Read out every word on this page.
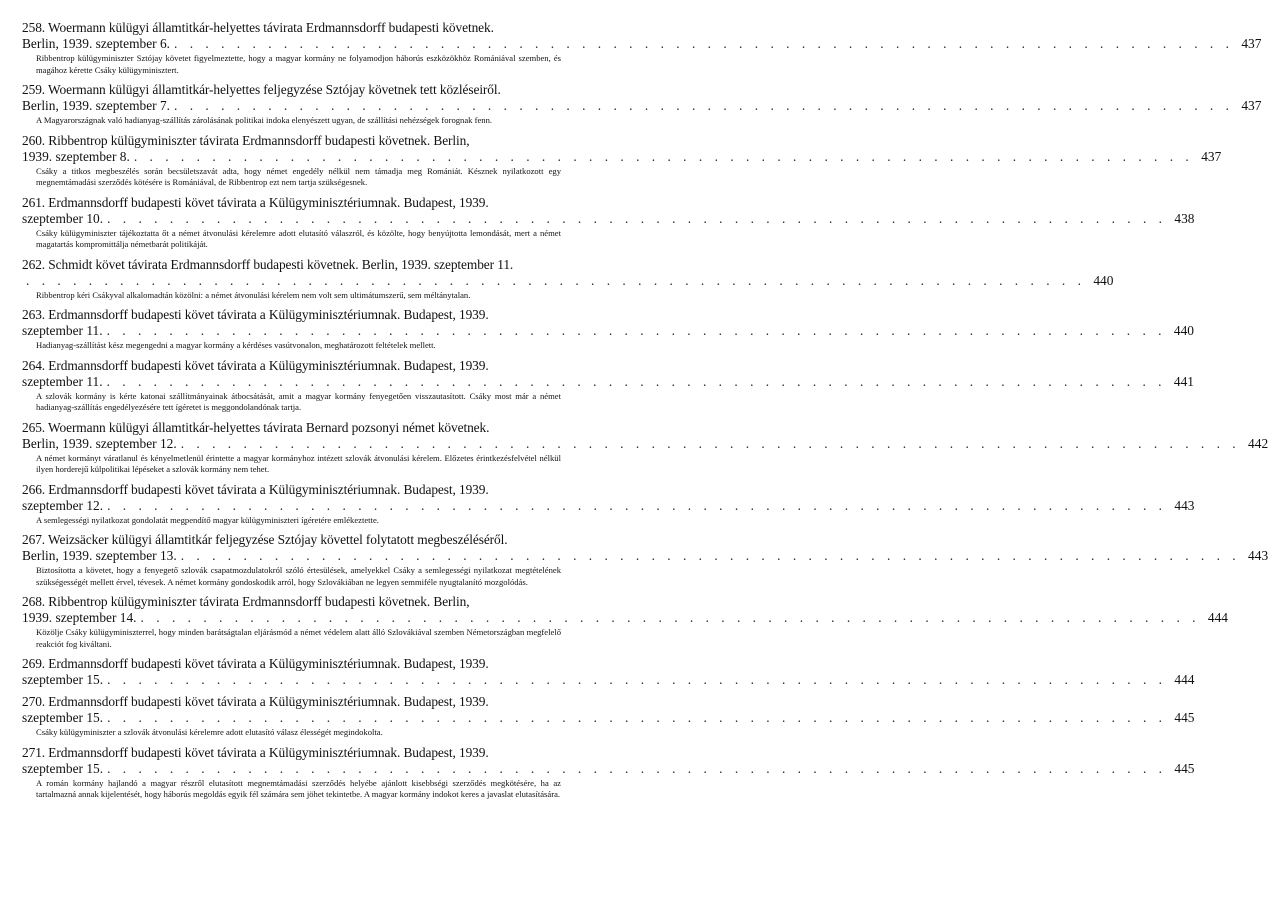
258. Woermann külügyi államtitkár-helyettes távirata Erdmannsdorff budapesti követnek.
Berlin, 1939. szeptember 6. . . . . . . . . . . . . . . . . . . . . . . . . . . . . . . . . . . . . . . . . . . . . . . . . . . . . . . . . . . . . . . . . . . . . 437
Ribbentrop külügyminiszter Sztójay követet figyelmeztette, hogy a magyar kormány ne folyamodjon háborús eszközökhöz Romániával szemben, és magához kérette Csáky külügyminisztert.
259. Woermann külügyi államtitkár-helyettes feljegyzése Sztójay követnek tett közléseiről.
Berlin, 1939. szeptember 7. . . . . . . . . . . . . . . . . . . . . . . . . . . . . . . . . . . . . . . . . . . . . . . . . . . . . . . . . . . . . . . . . . . . . 437
A Magyarországnak való hadianyag-szállítás zárolásának politikai indoka elenyészett ugyan, de szállítási nehézségek forognak fenn.
260. Ribbentrop külügyminiszter távirata Erdmannsdorff budapesti követnek. Berlin,
1939. szeptember 8. . . . . . . . . . . . . . . . . . . . . . . . . . . . . . . . . . . . . . . . . . . . . . . . . . . . . . . . . . . . . . . . . . . . . 437
Csáky a titkos megbeszélés során becsületszavát adta, hogy német engedély nélkül nem támadja meg Romániát. Késznek nyilatkozott egy megnemtámadási szerződés kötésére is Romániával, de Ribbentrop ezt nem tartja szükségesnek.
261. Erdmannsdorff budapesti követ távirata a Külügyminisztériumnak. Budapest, 1939.
szeptember 10. . . . . . . . . . . . . . . . . . . . . . . . . . . . . . . . . . . . . . . . . . . . . . . . . . . . . . . . . . . . . . . . . . . . . 438
Csáky külügyminiszter tájékoztatta őt a német átvonulási kérelemre adott elutasító válaszról, és közölte, hogy benyújtotta lemondását, mert a német magatartás kompromittálja németbarát politikáját.
262. Schmidt követ távirata Erdmannsdorff budapesti követnek. Berlin, 1939. szeptember 11.
. . . . . . . . . . . . . . . . . . . . . . . . . . . . . . . . . . . . . . . . . . . . . . . . . . . . . . . . . . . . . . . . . . . . 440
Ribbentrop kéri Csákyval alkalomadtán közölni: a német átvonulási kérelem nem volt sem ultimátumszerű, sem méltánytalan.
263. Erdmannsdorff budapesti követ távirata a Külügyminisztériumnak. Budapest, 1939.
szeptember 11. . . . . . . . . . . . . . . . . . . . . . . . . . . . . . . . . . . . . . . . . . . . . . . . . . . . . . . . . . . . . . . . . . . . . 440
Hadianyag-szállítást kész megengedni a magyar kormány a kérdéses vasútvonalon, meghatározott feltételek mellett.
264. Erdmannsdorff budapesti követ távirata a Külügyminisztériumnak. Budapest, 1939.
szeptember 11. . . . . . . . . . . . . . . . . . . . . . . . . . . . . . . . . . . . . . . . . . . . . . . . . . . . . . . . . . . . . . . . . . . . . 441
A szlovák kormány is kérte katonai szállítmányainak átbocsátását, amit a magyar kormány fenyegetően visszautasított. Csáky most már a német hadianyag-szállítás engedélyezésére tett ígéretet is meggondolandónak tartja.
265. Woermann külügyi államtitkár-helyettes távirata Bernard pozsonyi német követnek.
Berlin, 1939. szeptember 12. . . . . . . . . . . . . . . . . . . . . . . . . . . . . . . . . . . . . . . . . . . . . . . . . . . . . . . . . . . . . . . . . . . . . 442
A német kormányt váratlanul és kényelmetlenül érintette a magyar kormányhoz intézett szlovák átvonulási kérelem. Előzetes érintkezésfelvétel nélkül ilyen horderejű külpolitikai lépéseket a szlovák kormány nem tehet.
266. Erdmannsdorff budapesti követ távirata a Külügyminisztériumnak. Budapest, 1939.
szeptember 12. . . . . . . . . . . . . . . . . . . . . . . . . . . . . . . . . . . . . . . . . . . . . . . . . . . . . . . . . . . . . . . . . . . . . 443
A semlegességi nyilatkozat gondolatát megpendítő magyar külügyminiszteri ígéretére emlékeztette.
267. Weizsäcker külügyi államtitkár feljegyzése Sztójay követtel folytatott megbeszéléséről.
Berlin, 1939. szeptember 13. . . . . . . . . . . . . . . . . . . . . . . . . . . . . . . . . . . . . . . . . . . . . . . . . . . . . . . . . . . . . . . . . . . . . 443
Biztosította a követet, hogy a fenyegető szlovák csapatmozdulatokról szóló értesülések, amelyekkel Csáky a semlegességi nyilatkozat megtételének szükségességét mellett érvel, tévesek. A német kormány gondoskodik arról, hogy Szlovákiában ne legyen semmiféle nyugtalanító mozgolódás.
268. Ribbentrop külügyminiszter távirata Erdmannsdorff budapesti követnek. Berlin,
1939. szeptember 14. . . . . . . . . . . . . . . . . . . . . . . . . . . . . . . . . . . . . . . . . . . . . . . . . . . . . . . . . . . . . . . . . . . . . 444
Közölje Csáky külügyminiszterrel, hogy minden barátságtalan eljárásmód a német védelem alatt álló Szlovákiával szemben Németországban megfelelő reakciót fog kiváltani.
269. Erdmannsdorff budapesti követ távirata a Külügyminisztériumnak. Budapest, 1939.
szeptember 15. . . . . . . . . . . . . . . . . . . . . . . . . . . . . . . . . . . . . . . . . . . . . . . . . . . . . . . . . . . . . . . . . . . . . 444
270. Erdmannsdorff budapesti követ távirata a Külügyminisztériumnak. Budapest, 1939.
szeptember 15. . . . . . . . . . . . . . . . . . . . . . . . . . . . . . . . . . . . . . . . . . . . . . . . . . . . . . . . . . . . . . . . . . . . . 445
Csáky külügyminiszter a szlovák átvonulási kérelemre adott elutasító válasz élességét megindokolta.
271. Erdmannsdorff budapesti követ távirata a Külügyminisztériumnak. Budapest, 1939.
szeptember 15. . . . . . . . . . . . . . . . . . . . . . . . . . . . . . . . . . . . . . . . . . . . . . . . . . . . . . . . . . . . . . . . . . . . . 445
A román kormány hajlandó a magyar részről elutasított megnemtámadási szerződés helyébe ajánlott kisebbségi szerződés megkötésére, ha az tartalmazná annak kijelentését, hogy háborús megoldás egyik fél számára sem jöhet tekintetbe. A magyar kormány indokot keres a javaslat elutasítására.
